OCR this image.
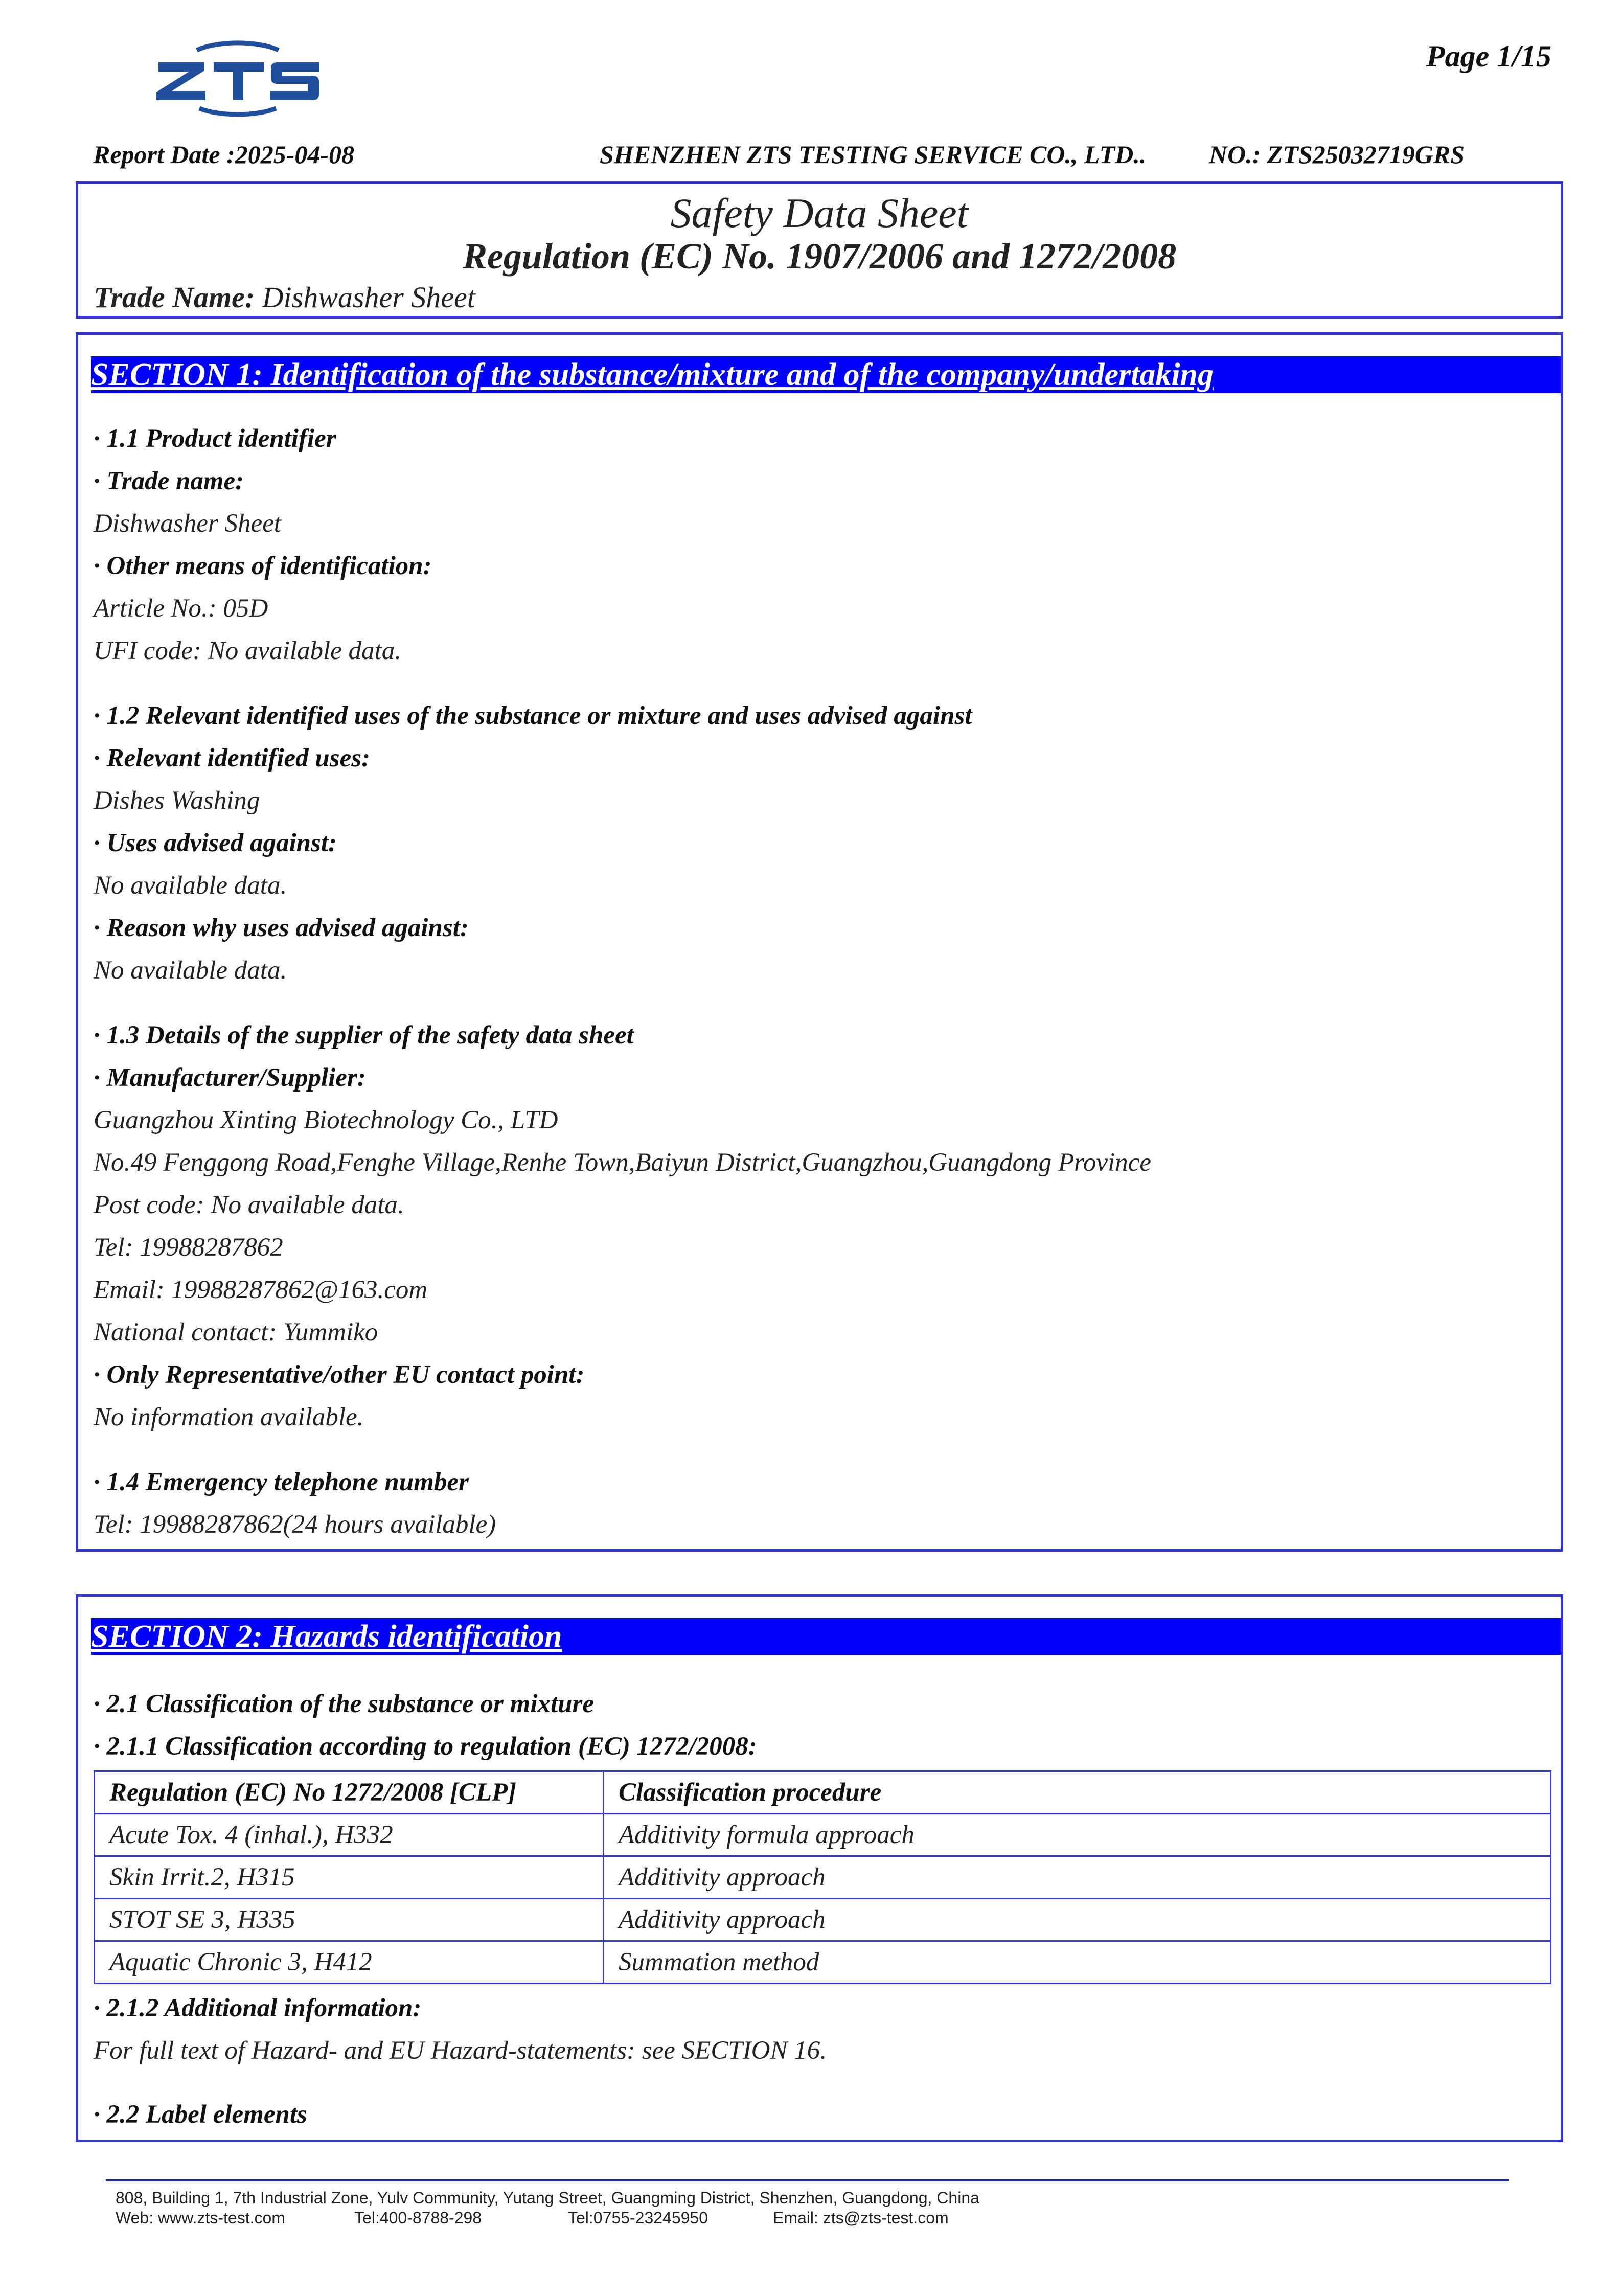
Page 1/15
Report Date :2025-04-08	SHENZHEN ZTS TESTING SERVICE CO., LTD.. NO.: ZTS25032719GRS
Safety Data Sheet
Regulation (EC) No. 1907/2006 and 1272/2008
Trade Name: Dishwasher Sheet
SECTION 1: Identification of the substance/mixture and of the company/undertaking
· 1.1 Product identifier
· Trade name:
Dishwasher Sheet
· Other means of identification:
Article No.: 05D
UFI code: No available data.
· 1.2 Relevant identified uses of the substance or mixture and uses advised against
· Relevant identified uses:
Dishes Washing
· Uses advised against:
No available data.
· Reason why uses advised against:
No available data.
· 1.3 Details of the supplier of the safety data sheet
· Manufacturer/Supplier:
Guangzhou Xinting Biotechnology Co., LTD
No.49 Fenggong Road,Fenghe Village,Renhe Town,Baiyun District,Guangzhou,Guangdong Province
Post code: No available data.
Tel: 19988287862
Email: 19988287862@163.com
National contact: Yummiko
· Only Representative/other EU contact point:
No information available.
· 1.4 Emergency telephone number
Tel: 19988287862(24 hours available)
SECTION 2: Hazards identification
· 2.1 Classification of the substance or mixture
· 2.1.1 Classification according to regulation (EC) 1272/2008:
Regulation (EC) No 1272/2008 [CLP]	Classification procedure
Acute Tox. 4 (inhal.), H332	Additivity formula approach
Skin Irrit.2, H315	Additivity approach
STOT SE 3, H335	Additivity approach
Aquatic Chronic 3, H412	Summation method
· 2.1.2 Additional information:
For full text of Hazard- and EU Hazard-statements: see SECTION 16.
· 2.2 Label elements
808, Building 1, 7th Industrial Zone, Yulv Community, Yutang Street, Guangming District, Shenzhen, Guangdong, China
Web: www.zts-test.com	Tel:400-8788-298	Tel:0755-23245950	Email: zts@zts-test.com
